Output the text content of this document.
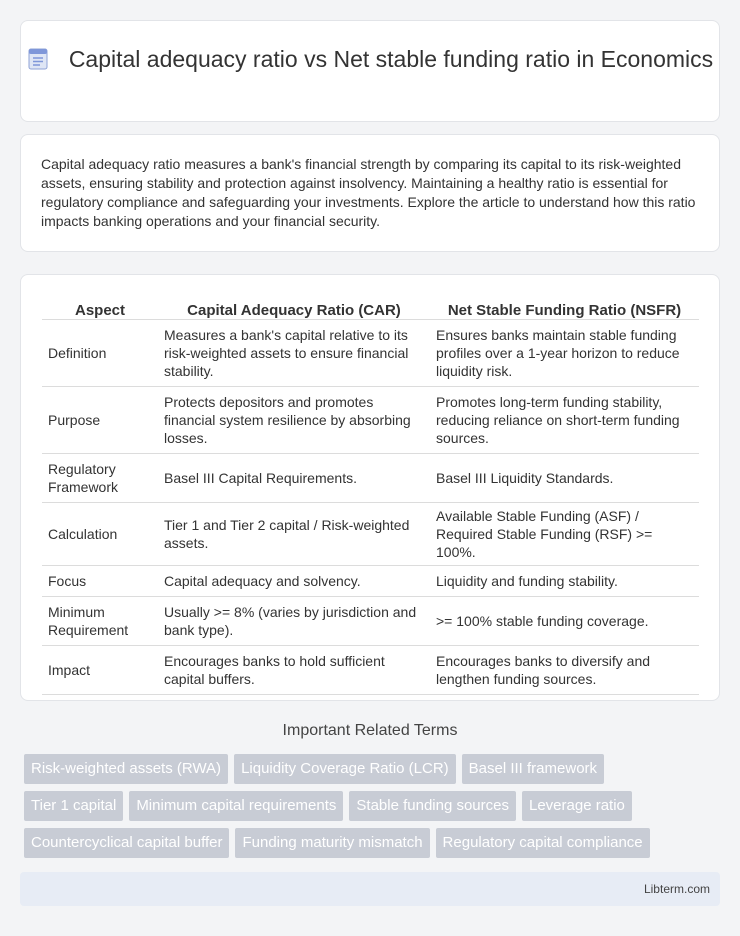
Capital adequacy ratio vs Net stable funding ratio in Economics

Capital adequacy ratio measures a bank's financial strength by comparing its capital to its risk-weighted assets, ensuring stability and protection against insolvency. Maintaining a healthy ratio is essential for regulatory compliance and safeguarding your investments. Explore the article to understand how this ratio impacts banking operations and your financial security.

Aspect	Capital Adequacy Ratio (CAR)	Net Stable Funding Ratio (NSFR)
Definition	Measures a bank's capital relative to its risk-weighted assets to ensure financial stability.	Ensures banks maintain stable funding profiles over a 1-year horizon to reduce liquidity risk.
Purpose	Protects depositors and promotes financial system resilience by absorbing losses.	Promotes long-term funding stability, reducing reliance on short-term funding sources.
Regulatory Framework	Basel III Capital Requirements.	Basel III Liquidity Standards.
Calculation	Tier 1 and Tier 2 capital / Risk-weighted assets.	Available Stable Funding (ASF) / Required Stable Funding (RSF) >= 100%.
Focus	Capital adequacy and solvency.	Liquidity and funding stability.
Minimum Requirement	Usually >= 8% (varies by jurisdiction and bank type).	>= 100% stable funding coverage.
Impact	Encourages banks to hold sufficient capital buffers.	Encourages banks to diversify and lengthen funding sources.
Important Related Terms
Risk-weighted assets (RWA)	Liquidity Coverage Ratio (LCR)	Basel III framework
Tier 1 capital	Minimum capital requirements	Stable funding sources	Leverage ratio
Countercyclical capital buffer	Funding maturity mismatch	Regulatory capital compliance
Libterm.com
